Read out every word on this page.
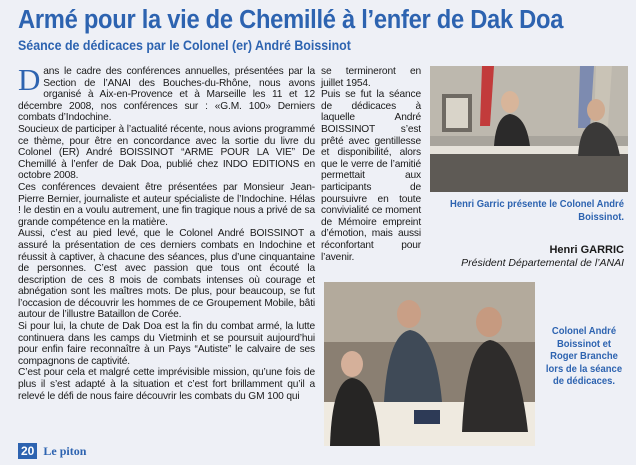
Armé pour la vie de Chemillé à l’enfer de Dak Doa
Séance de dédicaces par le Colonel (er) André Boissinot

Dans le cadre des conférences annuelles, présentées par la Section de l’ANAI des Bouches-du-Rhône, nous avons organisé à Aix-en-Provence et à Marseille les 11 et 12 décembre 2008, nos conférences sur : «G.M. 100» Derniers combats d’Indochine.

Soucieux de participer à l’actualité récente, nous avions programmé ce thème, pour être en concordance avec la sortie du livre du Colonel (ER) André BOISSINOT “ARME POUR LA VIE” De Chemillé à l’enfer de Dak Doa, publié chez INDO EDITIONS en octobre 2008.

Ces conférences devaient être présentées par Monsieur Jean-Pierre Bernier, journaliste et auteur spécialiste de l’Indochine. Hélas ! le destin en a voulu autrement, une fin tragique nous a privé de sa grande compétence en la matière.

Aussi, c’est au pied levé, que le Colonel André BOISSINOT a assuré la présentation de ces derniers combats en Indochine et réussit à captiver, à chacune des séances, plus d’une cinquantaine de personnes. C’est avec passion que tous ont écouté la description de ces 8 mois de combats intenses où courage et abnégation sont les maîtres mots. De plus, pour beaucoup, se fut l’occasion de découvrir les hommes de ce Groupement Mobile, bâti autour de l’illustre Bataillon de Corée.

Si pour lui, la chute de Dak Doa est la fin du combat armé, la lutte continuera dans les camps du Vietminh et se poursuit aujourd’hui pour enfin faire reconnaître à un Pays “Autiste” le calvaire de ses compagnons de captivité.

C’est pour cela et malgré cette imprévisible mission, qu’une fois de plus il s’est adapté à la situation et c’est fort brillamment qu’il a relevé le défi de nous faire découvrir les combats du GM 100 qui

se termineront en juillet 1954.

Puis se fut la séance de dédicaces à laquelle André BOISSINOT s’est prêté avec gentillesse et disponibilité, alors que le verre de l’amitié permettait aux participants de poursuivre en toute convivialité ce moment de Mémoire empreint d’émotion, mais aussi réconfortant pour l’avenir.

Henri Garric présente le Colonel André Boissinot.
Henri GARRIC
Président Départemental de l’ANAI
Colonel André Boissinot et Roger Branche lors de la séance de dédicaces.
20 Le piton
